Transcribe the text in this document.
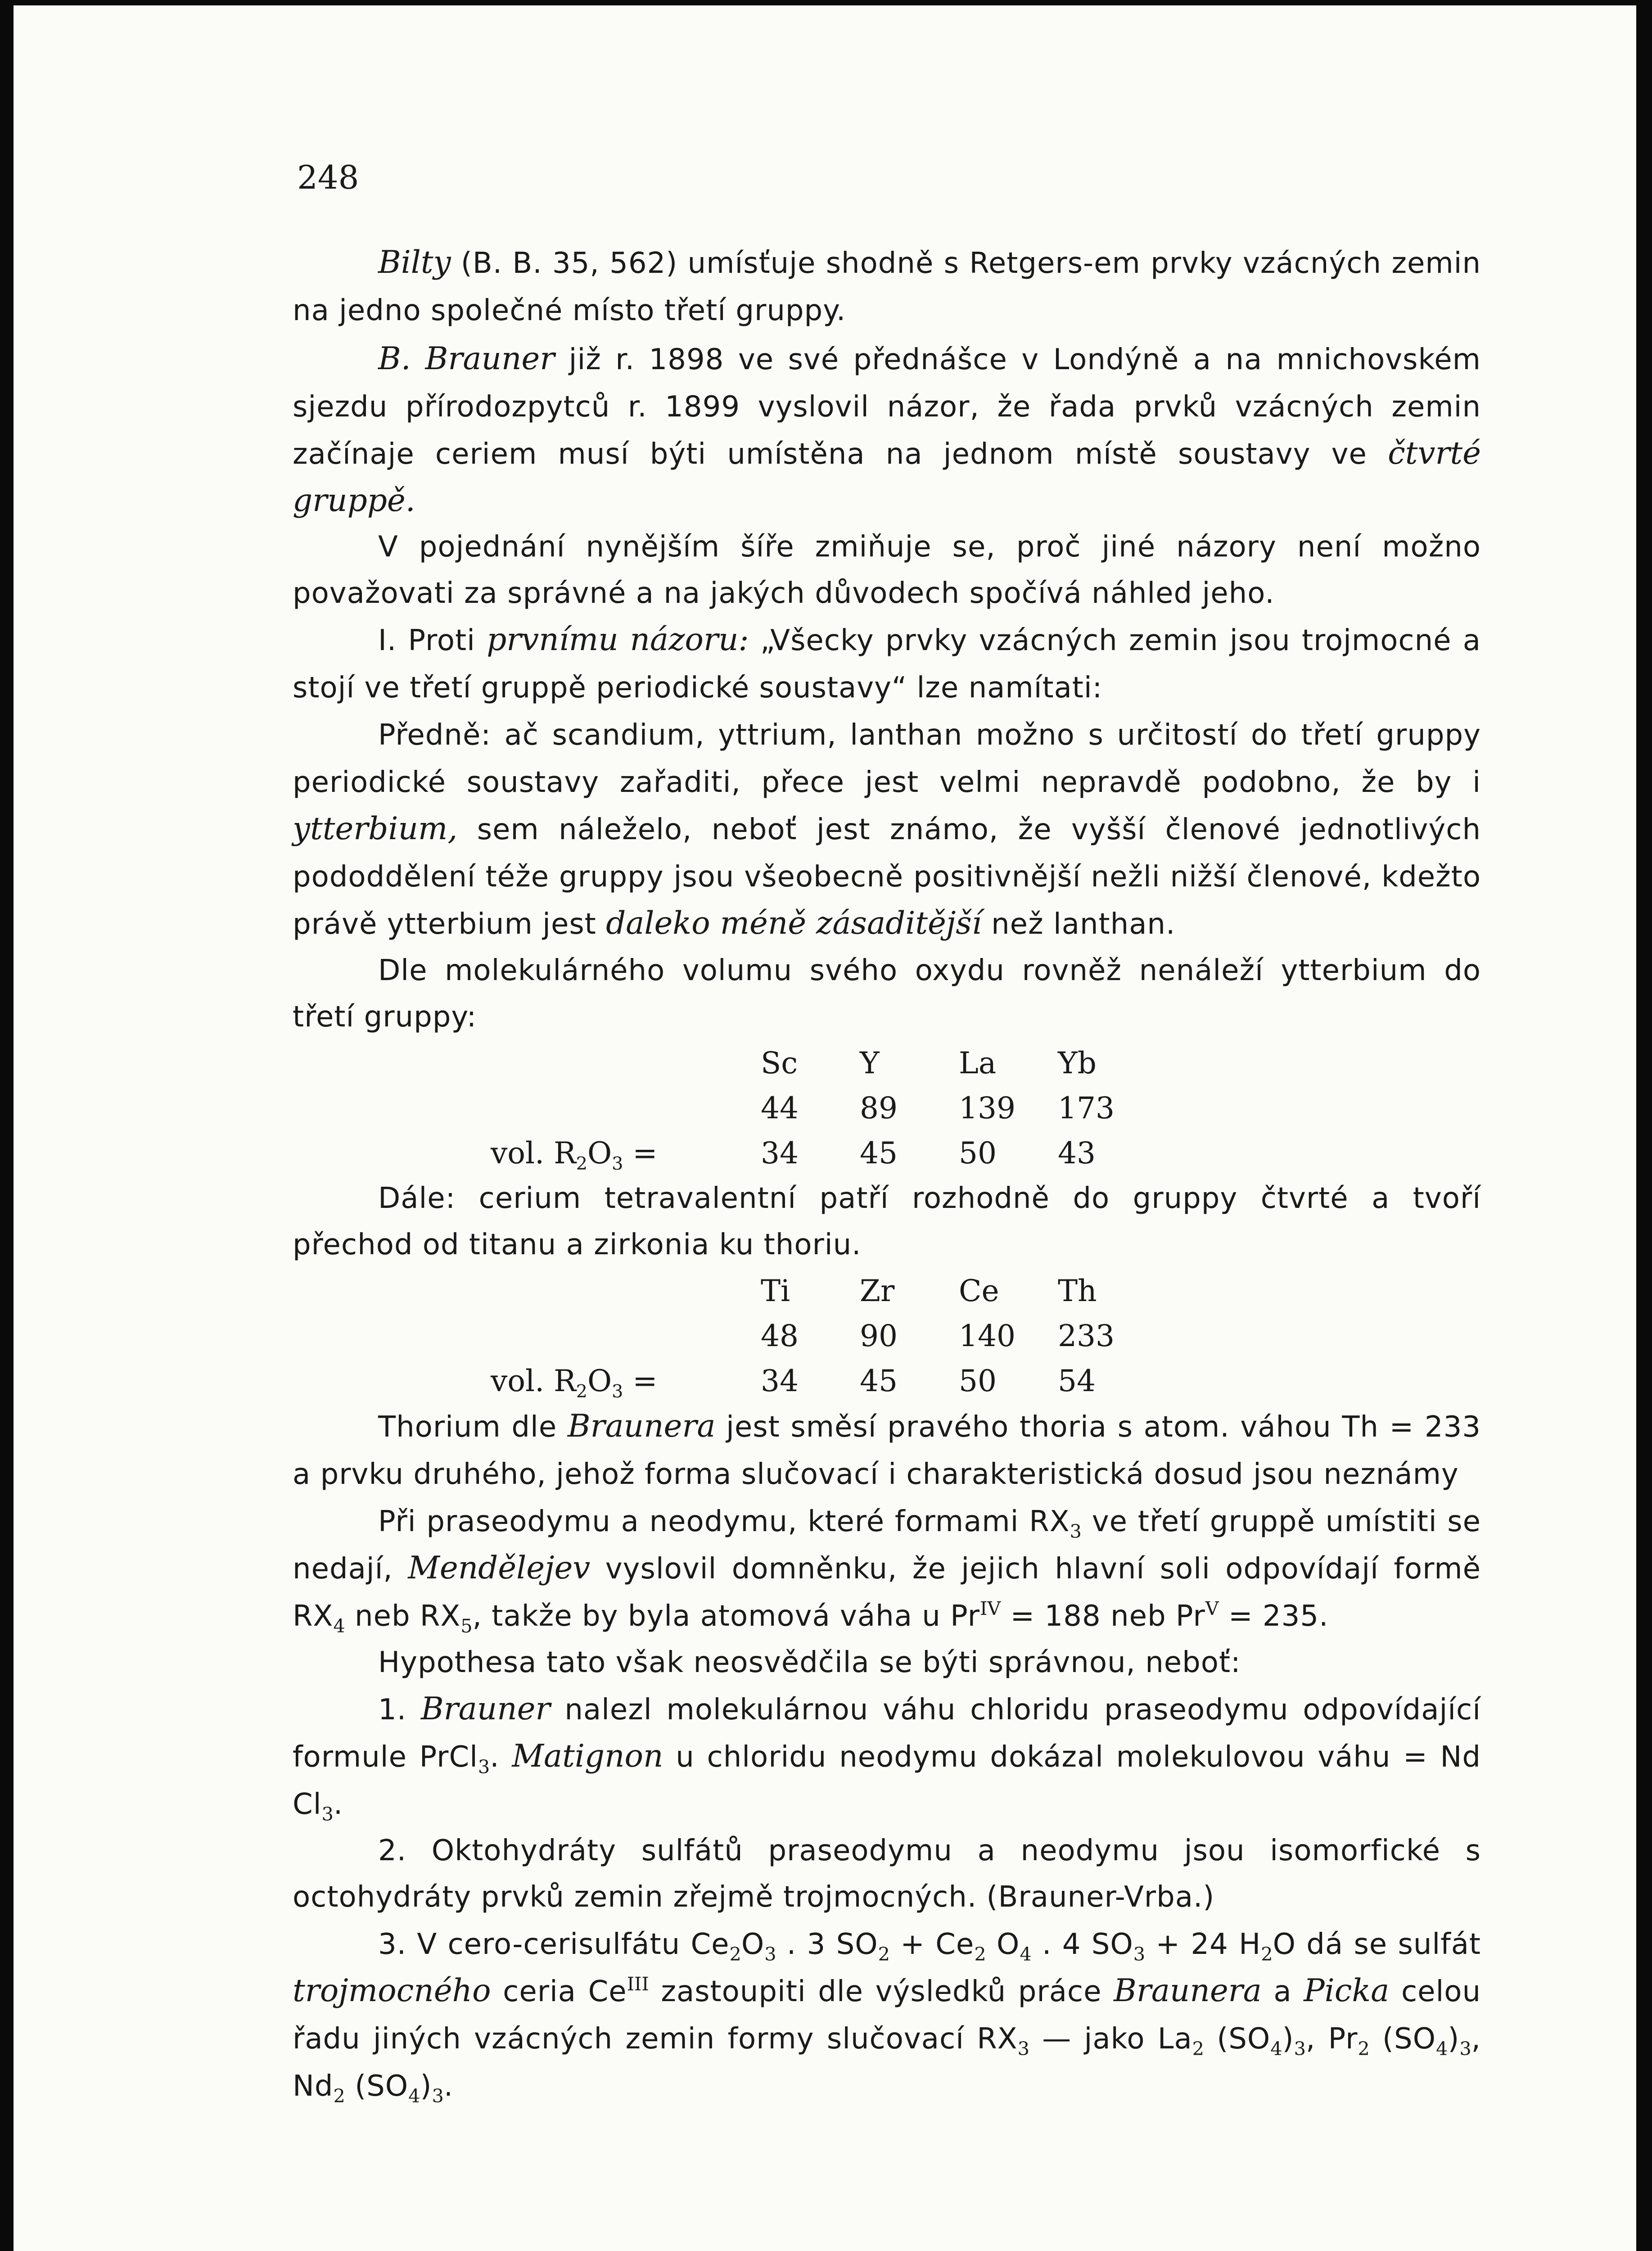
248

Bilty (B. B. 35, 562) umísťuje shodně s Retgers-em prvky vzácných zemin na jedno společné místo třetí gruppy.

B. Brauner již r. 1898 ve své přednášce v Londýně a na mnichovském sjezdu přírodozpytců r. 1899 vyslovil názor, že řada prvků vzácných zemin začínaje ceriem musí býti umístěna na jednom místě soustavy ve čtvrté gruppě.

V pojednání nynějším šíře zmiňuje se, proč jiné názory není možno považovati za správné a na jakých důvodech spočívá náhled jeho.

I. Proti prvnímu názoru: „Všecky prvky vzácných zemin jsou trojmocné a stojí ve třetí gruppě periodické soustavy“ lze namítati:

Předně: ač scandium, yttrium, lanthan možno s určitostí do třetí gruppy periodické soustavy zařaditi, přece jest velmi nepravdě podobno, že by i ytterbium, sem náleželo, neboť jest známo, že vyšší členové jednotlivých pododdělení téže gruppy jsou všeobecně positivnější nežli nižší členové, kdežto právě ytterbium jest daleko méně zásaditější než lanthan.

Dle molekulárného volumu svého oxydu rovněž nenáleží ytterbium do třetí gruppy:

	Sc	Y	La	Yb
	44	89	139	173
vol. $R_2O_3$ =	34	45	50	43

Dále: cerium tetravalentní patří rozhodně do gruppy čtvrté a tvoří přechod od titanu a zirkonia ku thoriu.

	Ti	Zr	Ce	Th
	48	90	140	233
vol. $R_2O_3$ =	34	45	50	54

Thorium dle Braunera jest směsí pravého thoria s atom. váhou Th = 233 a prvku druhého, jehož forma slučovací i charakteristická dosud jsou neznámy

Při praseodymu a neodymu, které formami $RX_3$ ve třetí gruppě umístiti se nedají, Mendělejev vyslovil domněnku, že jejich hlavní soli odpovídají formě $RX_4$ neb $RX_5$, takže by byla atomová váha u $Pr^{IV} = 188$ neb $Pr^V = 235$.

Hypothesa tato však neosvědčila se býti správnou, neboť:

1. Brauner nalezl molekulárnou váhu chloridu praseodymu odpovídající formule PrCl$_3$. Matignon u chloridu neodymu dokázal molekulovou váhu = Nd $Cl_3$.

2. Oktohydráty sulfátů praseodymu a neodymu jsou isomorfické s octohydráty prvků zemin zřejmě trojmocných. (Brauner-Vrba.)

3. V cero-cerisulfátu $Ce_2O_3$ . 3 $SO_2 + Ce_2$ $O_4$ . 4 $SO_3 + 24$ $H_2O$ dá se sulfát trojmocného ceria $Ce^{III}$ zastoupiti dle výsledků práce Braunera a Picka celou řadu jiných vzácných zemin formy slučovací $RX_3$ — jako $La_2$ $(SO_4)_3$, $Pr_2$ $(SO_4)_3$, $Nd_2$ $(SO_4)_3$.
